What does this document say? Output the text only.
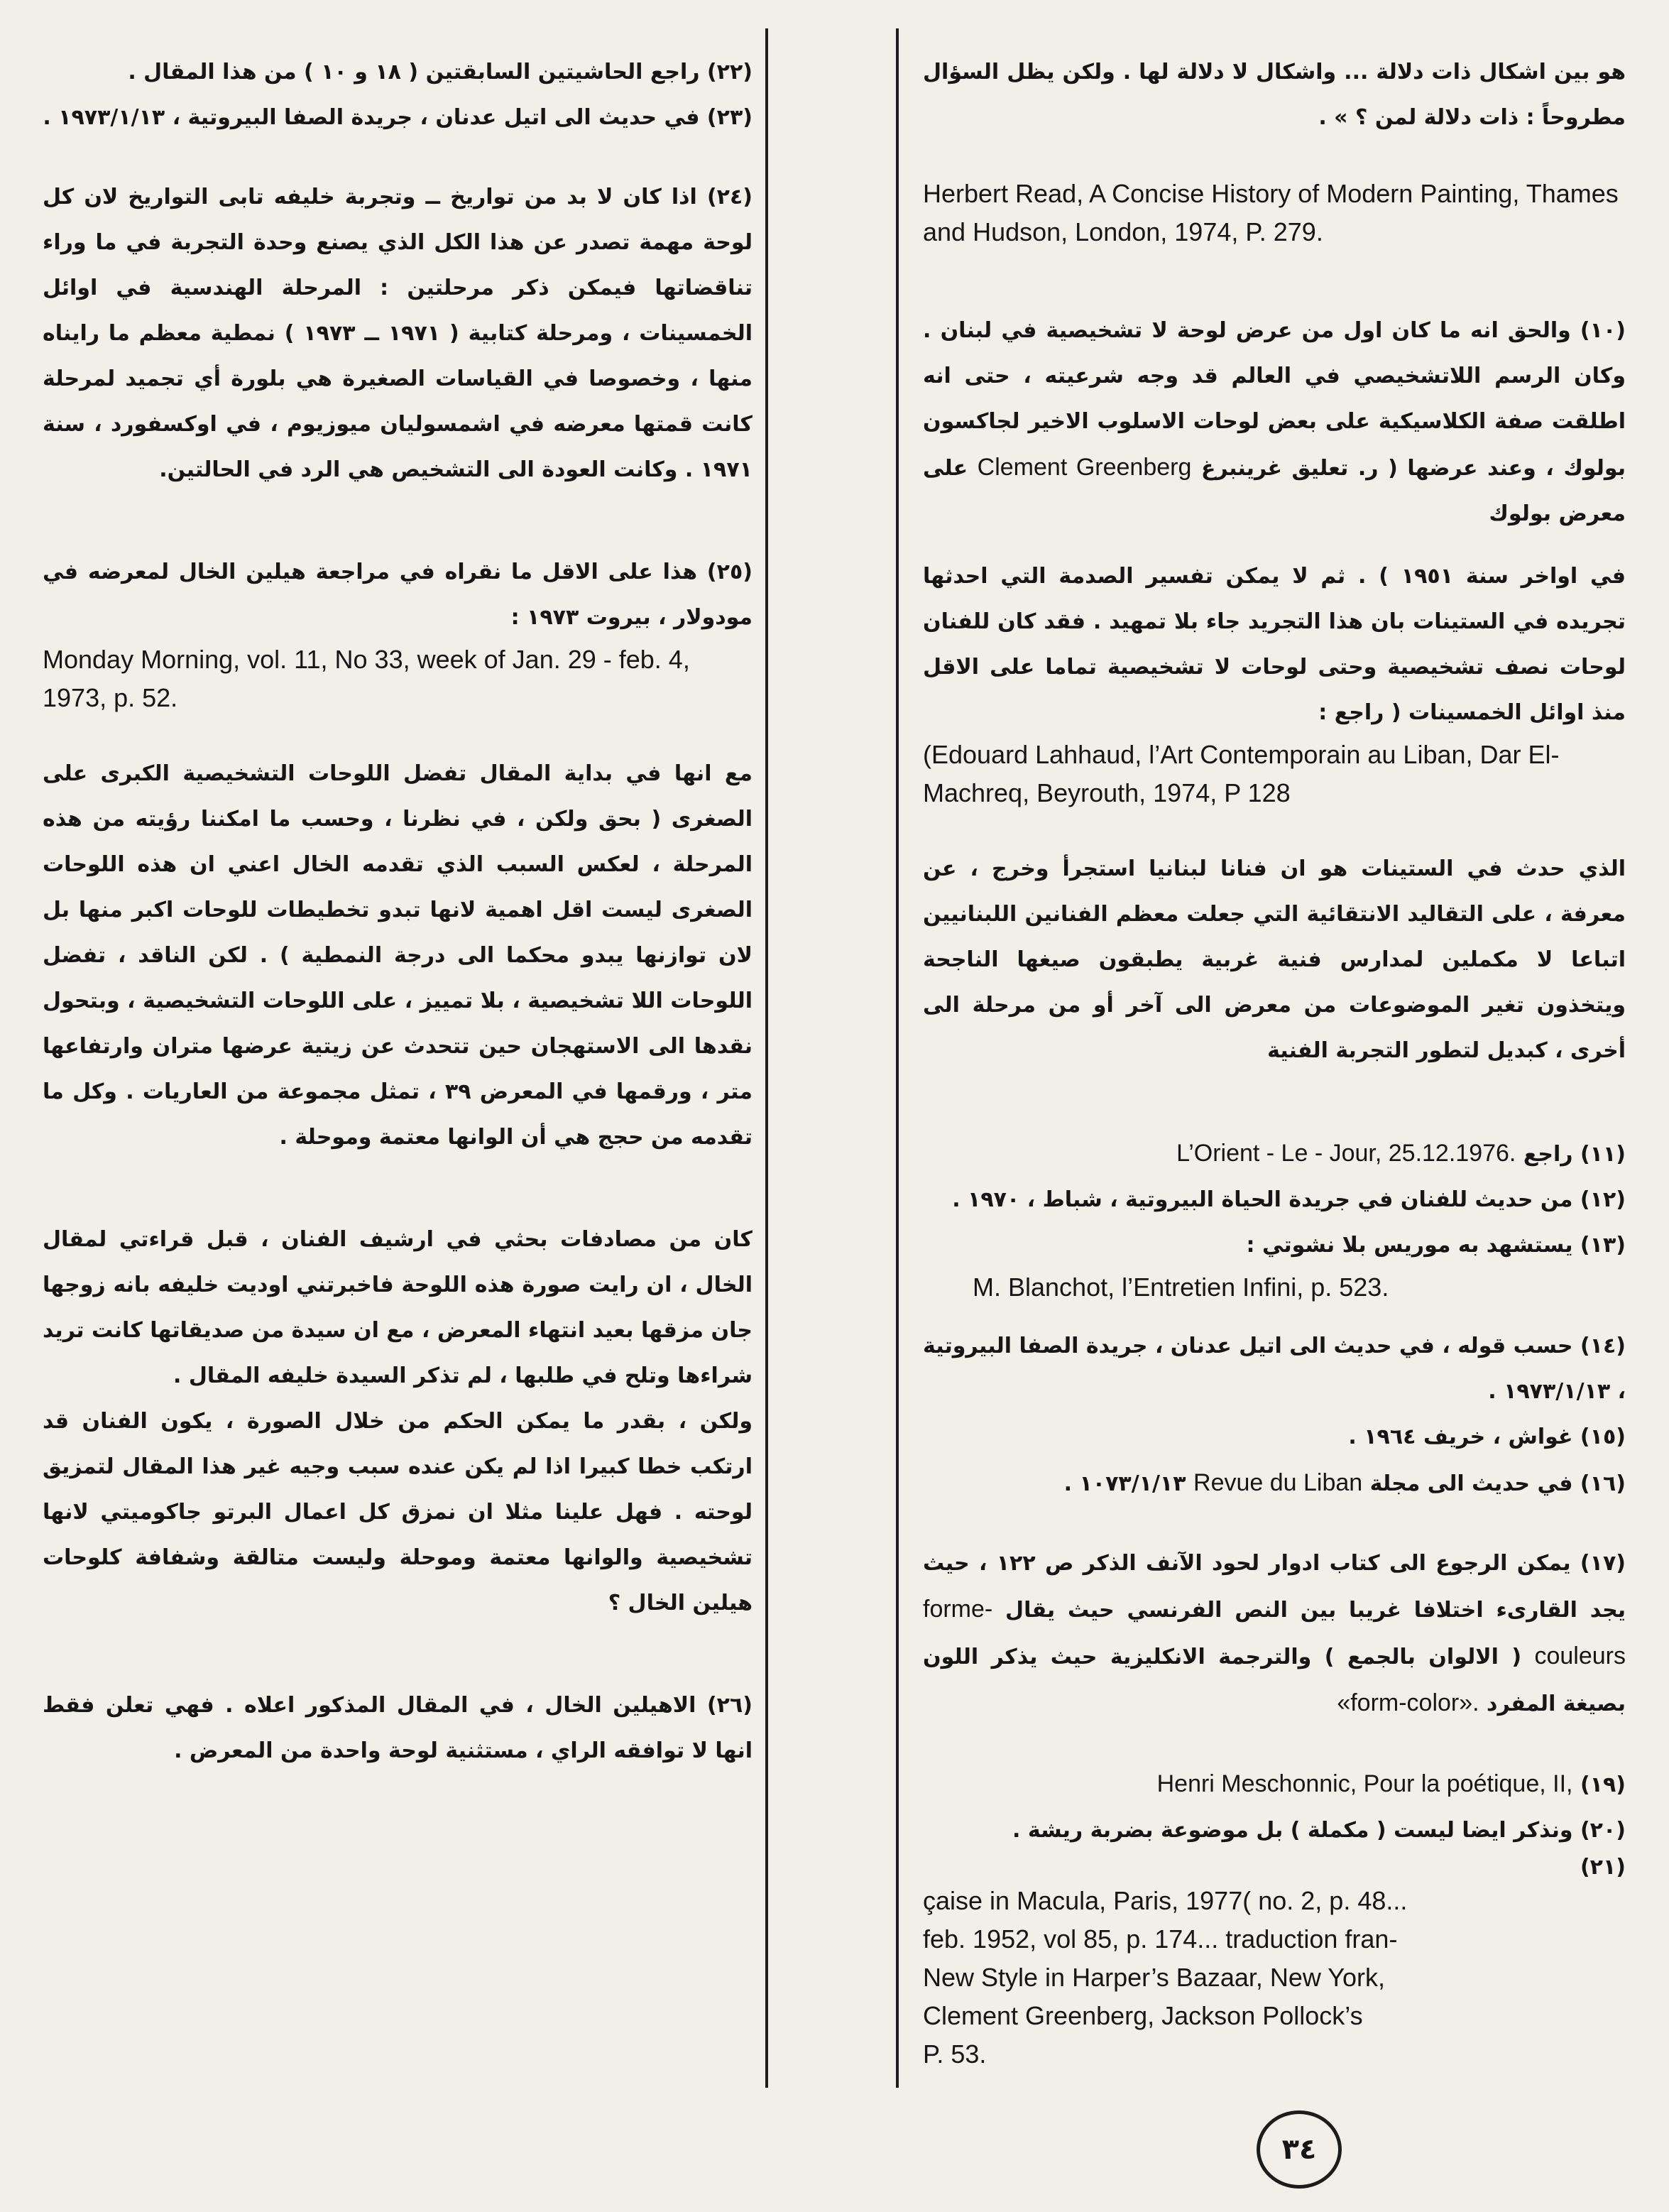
هو بين اشكال ذات دلالة ... واشكال لا دلالة لها . ولكن يظل السؤال مطروحاً : ذات دلالة لمن ؟ » .

Herbert Read, A Concise History of Modern Painting, Thames and Hudson, London, 1974, P. 279.

(١٠) والحق انه ما كان اول من عرض لوحة لا تشخيصية في لبنان . وكان الرسم اللاتشخيصي في العالم قد وجه شرعيته ، حتى انه اطلقت صفة الكلاسيكية على بعض لوحات الاسلوب الاخير لجاكسون بولوك ، وعند عرضها ( ر. تعليق غرينبرغ Clement Greenberg على معرض بولوك

في اواخر سنة ١٩٥١ ) . ثم لا يمكن تفسير الصدمة التي احدثها تجريده في الستينات بان هذا التجريد جاء بلا تمهيد . فقد كان للفنان لوحات نصف تشخيصية وحتى لوحات لا تشخيصية تماما على الاقل منذ اوائل الخمسينات ( راجع :

(Edouard Lahhaud, l’Art Contemporain au Liban, Dar El-Machreq, Beyrouth, 1974, P 128

الذي حدث في الستينات هو ان فنانا لبنانيا استجرأ وخرج ، عن معرفة ، على التقاليد الانتقائية التي جعلت معظم الفنانين اللبنانيين اتباعا لا مكملين لمدارس فنية غربية يطبقون صيغها الناجحة ويتخذون تغير الموضوعات من معرض الى آخر أو من مرحلة الى أخرى ، كبديل لتطور التجربة الفنية

(١١) راجع L’Orient - Le - Jour, 25.12.1976.

(١٢) من حديث للفنان في جريدة الحياة البيروتية ، شباط ، ١٩٧٠ .

(١٣) يستشهد به موريس بلا نشوتي :

M. Blanchot, l’Entretien Infini, p. 523.

(١٤) حسب قوله ، في حديث الى اتيل عدنان ، جريدة الصفا البيروتية ، ١٩٧٣/١/١٣ .

(١٥) غواش ، خريف ١٩٦٤ .

(١٦) في حديث الى مجلة Revue du Liban ١٠٧٣/١/١٣ .

(١٧) يمكن الرجوع الى كتاب ادوار لحود الآنف الذكر ص ١٢٢ ، حيث يجد القارىء اختلافا غريبا بين النص الفرنسي حيث يقال forme-couleurs ( الالوان بالجمع ) والترجمة الانكليزية حيث يذكر اللون بصيغة المفرد «form-color».

(١٩) Henri Meschonnic, Pour la poétique, II,

(٢٠) ونذكر ايضا ليست ( مكملة ) بل موضوعة بضربة ريشة .

(٢١)

çaise in Macula, Paris, 1977( no. 2, p. 48...

feb. 1952, vol 85, p. 174... traduction fran-

New Style in Harper’s Bazaar, New York,

Clement Greenberg, Jackson Pollock’s

P. 53.

(٢٢) راجع الحاشيتين السابقتين ( ١٨ و ١٠ ) من هذا المقال .

(٢٣) في حديث الى اتيل عدنان ، جريدة الصفا البيروتية ، ١٩٧٣/١/١٣ .

(٢٤) اذا كان لا بد من تواريخ ــ وتجربة خليفه تابى التواريخ لان كل لوحة مهمة تصدر عن هذا الكل الذي يصنع وحدة التجربة في ما وراء تناقضاتها فيمكن ذكر مرحلتين : المرحلة الهندسية في اوائل الخمسينات ، ومرحلة كتابية ( ١٩٧١ ــ ١٩٧٣ ) نمطية معظم ما رايناه منها ، وخصوصا في القياسات الصغيرة هي بلورة أي تجميد لمرحلة كانت قمتها معرضه في اشمسوليان ميوزيوم ، في اوكسفورد ، سنة ١٩٧١ . وكانت العودة الى التشخيص هي الرد في الحالتين.

(٢٥) هذا على الاقل ما نقراه في مراجعة هيلين الخال لمعرضه في مودولار ، بيروت ١٩٧٣ :

Monday Morning, vol. 11, No 33, week of Jan. 29 - feb. 4, 1973, p. 52.

مع انها في بداية المقال تفضل اللوحات التشخيصية الكبرى على الصغرى ( بحق ولكن ، في نظرنا ، وحسب ما امكننا رؤيته من هذه المرحلة ، لعكس السبب الذي تقدمه الخال اعني ان هذه اللوحات الصغرى ليست اقل اهمية لانها تبدو تخطيطات للوحات اكبر منها بل لان توازنها يبدو محكما الى درجة النمطية ) . لكن الناقد ، تفضل اللوحات اللا تشخيصية ، بلا تمييز ، على اللوحات التشخيصية ، وبتحول نقدها الى الاستهجان حين تتحدث عن زيتية عرضها متران وارتفاعها متر ، ورقمها في المعرض ٣٩ ، تمثل مجموعة من العاريات . وكل ما تقدمه من حجج هي أن الوانها معتمة وموحلة .

كان من مصادفات بحثي في ارشيف الفنان ، قبل قراءتي لمقال الخال ، ان رايت صورة هذه اللوحة فاخبرتني اوديت خليفه بانه زوجها جان مزقها بعيد انتهاء المعرض ، مع ان سيدة من صديقاتها كانت تريد شراءها وتلح في طلبها ، لم تذكر السيدة خليفه المقال .

ولكن ، بقدر ما يمكن الحكم من خلال الصورة ، يكون الفنان قد ارتكب خطا كبيرا اذا لم يكن عنده سبب وجيه غير هذا المقال لتمزيق لوحته . فهل علينا مثلا ان نمزق كل اعمال البرتو جاكوميتي لانها تشخيصية والوانها معتمة وموحلة وليست متالقة وشفافة كلوحات هيلين الخال ؟

(٢٦) الاهيلين الخال ، في المقال المذكور اعلاه . فهي تعلن فقط انها لا توافقه الراي ، مستثنية لوحة واحدة من المعرض .

٣٤
